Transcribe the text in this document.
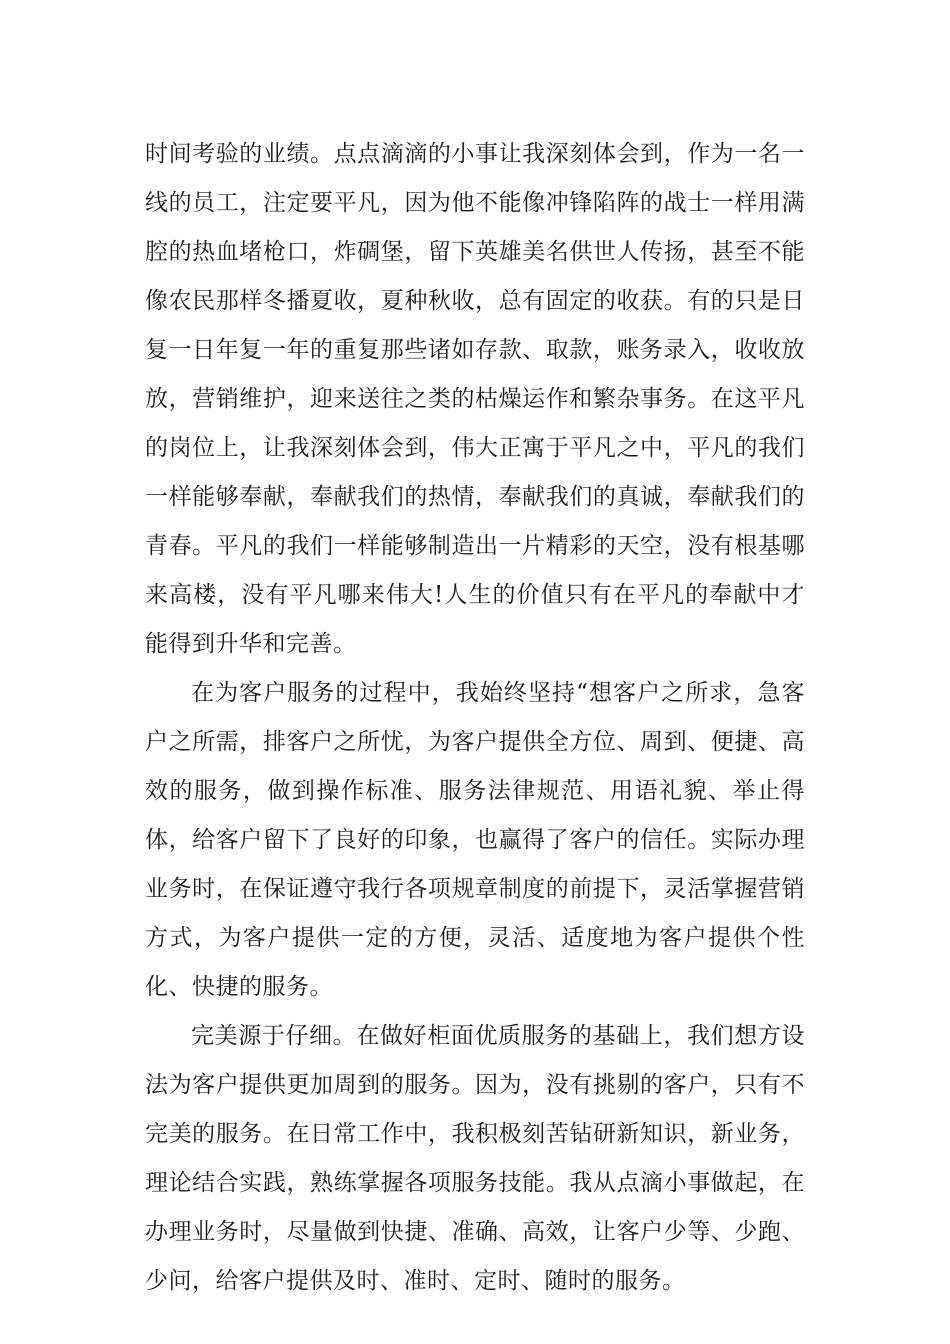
时间考验的业绩。点点滴滴的小事让我深刻体会到，作为一名一线的员工，注定要平凡，因为他不能像冲锋陷阵的战士一样用满腔的热血堵枪口，炸碉堡，留下英雄美名供世人传扬，甚至不能像农民那样冬播夏收，夏种秋收，总有固定的收获。有的只是日复一日年复一年的重复那些诸如存款、取款，账务录入，收收放放，营销维护，迎来送往之类的枯燥运作和繁杂事务。在这平凡的岗位上，让我深刻体会到，伟大正寓于平凡之中，平凡的我们一样能够奉献，奉献我们的热情，奉献我们的真诚，奉献我们的青春。平凡的我们一样能够制造出一片精彩的天空，没有根基哪来高楼，没有平凡哪来伟大!人生的价值只有在平凡的奉献中才能得到升华和完善。

在为客户服务的过程中，我始终坚持“想客户之所求，急客户之所需，排客户之所忧，为客户提供全方位、周到、便捷、高效的服务，做到操作标准、服务法律规范、用语礼貌、举止得体，给客户留下了良好的印象，也赢得了客户的信任。实际办理业务时，在保证遵守我行各项规章制度的前提下，灵活掌握营销方式，为客户提供一定的方便，灵活、适度地为客户提供个性化、快捷的服务。

完美源于仔细。在做好柜面优质服务的基础上，我们想方设法为客户提供更加周到的服务。因为，没有挑剔的客户，只有不完美的服务。在日常工作中，我积极刻苦钻研新知识，新业务，理论结合实践，熟练掌握各项服务技能。我从点滴小事做起，在办理业务时，尽量做到快捷、准确、高效，让客户少等、少跑、少问，给客户提供及时、准时、定时、随时的服务。
